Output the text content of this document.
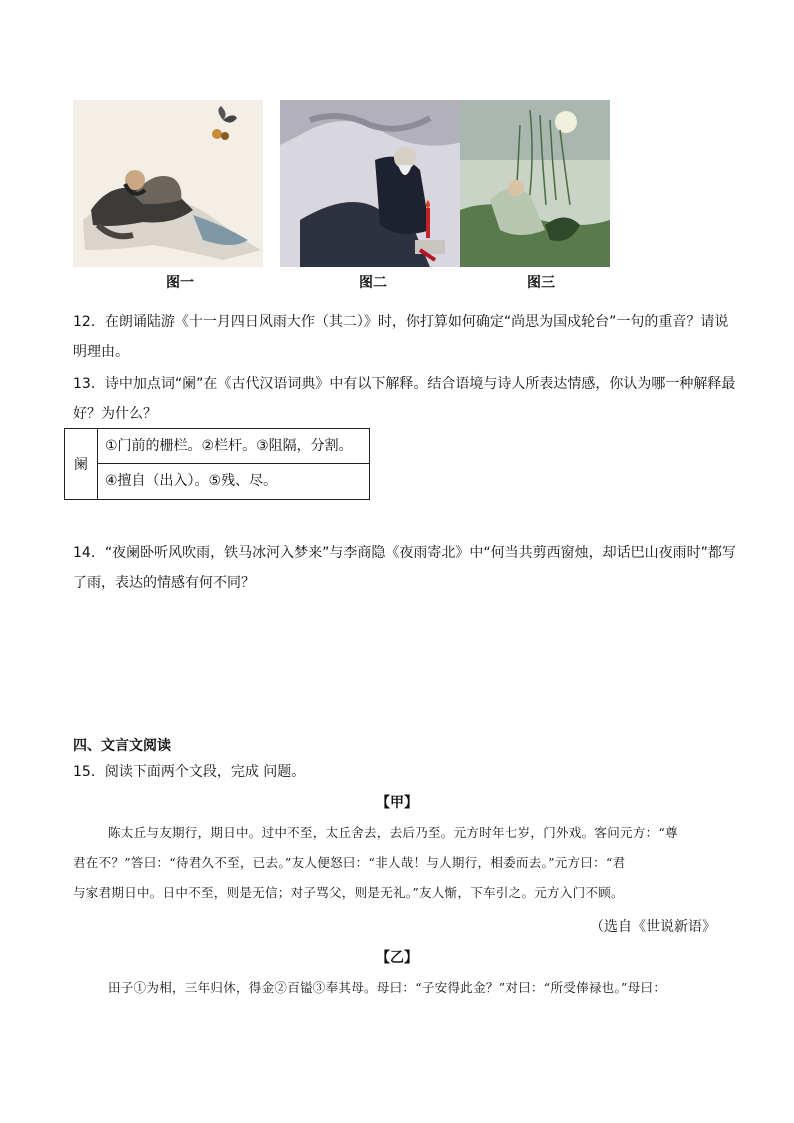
图一	图二	图三
12．在朗诵陆游《十一月四日风雨大作（其二）》时，你打算如何确定“尚思为国戍轮台”一句的重音？请说
明理由。
13．诗中加点词“阑”在《古代汉语词典》中有以下解释。结合语境与诗人所表达情感，你认为哪一种解释最
好？为什么？
阑
①门前的栅栏。②栏杆。③阻隔，分割。
④擅自（出入）。⑤残、尽。
14．“夜阑卧听风吹雨，铁马冰河入梦来”与李商隐《夜雨寄北》中“何当共剪西窗烛，却话巴山夜雨时”都写
了雨，表达的情感有何不同？
四、文言文阅读
15．阅读下面两个文段，完成 问题。
【甲】
陈太丘与友期行，期日中。过中不至，太丘舍去，去后乃至。元方时年七岁，门外戏。客问元方：“尊
君在不？”答曰：“待君久不至，已去。”友人便怒曰：“非人哉！与人期行，相委而去。”元方曰：“君
与家君期日中。日中不至，则是无信；对子骂父，则是无礼。”友人惭，下车引之。元方入门不顾。
（选自《世说新语》
【乙】
田子①为相，三年归休，得金②百镒③奉其母。母曰：“子安得此金？”对曰：“所受俸禄也。”母曰：
